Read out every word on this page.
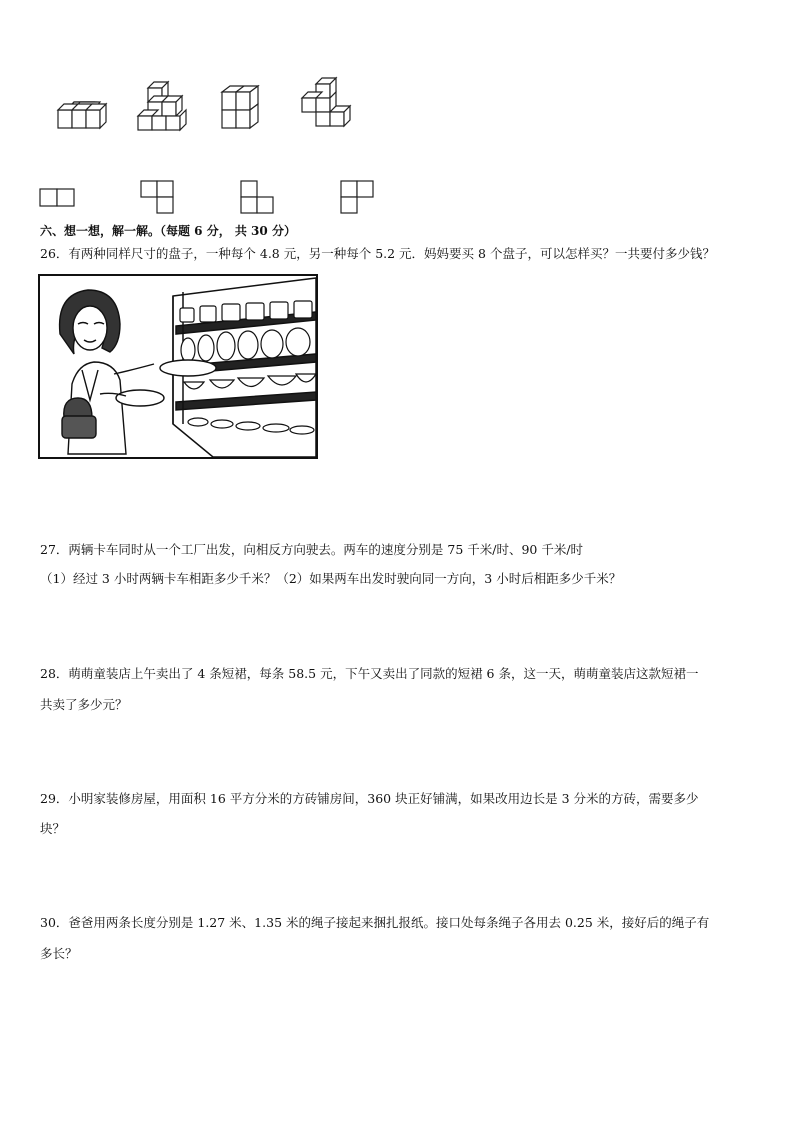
六、想一想，解一解。（每题 6 分， 共 30 分）
26．有两种同样尺寸的盘子，一种每个 4.8 元，另一种每个 5.2 元．妈妈要买 8 个盘子，可以怎样买？一共要付多少钱？
27．两辆卡车同时从一个工厂出发，向相反方向驶去。两车的速度分别是 75 千米/时、90 千米/时
（1）经过 3 小时两辆卡车相距多少千米？（2）如果两车出发时驶向同一方向，3 小时后相距多少千米？
28．萌萌童装店上午卖出了 4 条短裙，每条 58.5 元，下午又卖出了同款的短裙 6 条，这一天，萌萌童装店这款短裙一
共卖了多少元？
29．小明家装修房屋，用面积 16 平方分米的方砖铺房间，360 块正好铺满，如果改用边长是 3 分米的方砖，需要多少
块？
30．爸爸用两条长度分别是 1.27 米、1.35 米的绳子接起来捆扎报纸。接口处每条绳子各用去 0.25 米，接好后的绳子有
多长？
